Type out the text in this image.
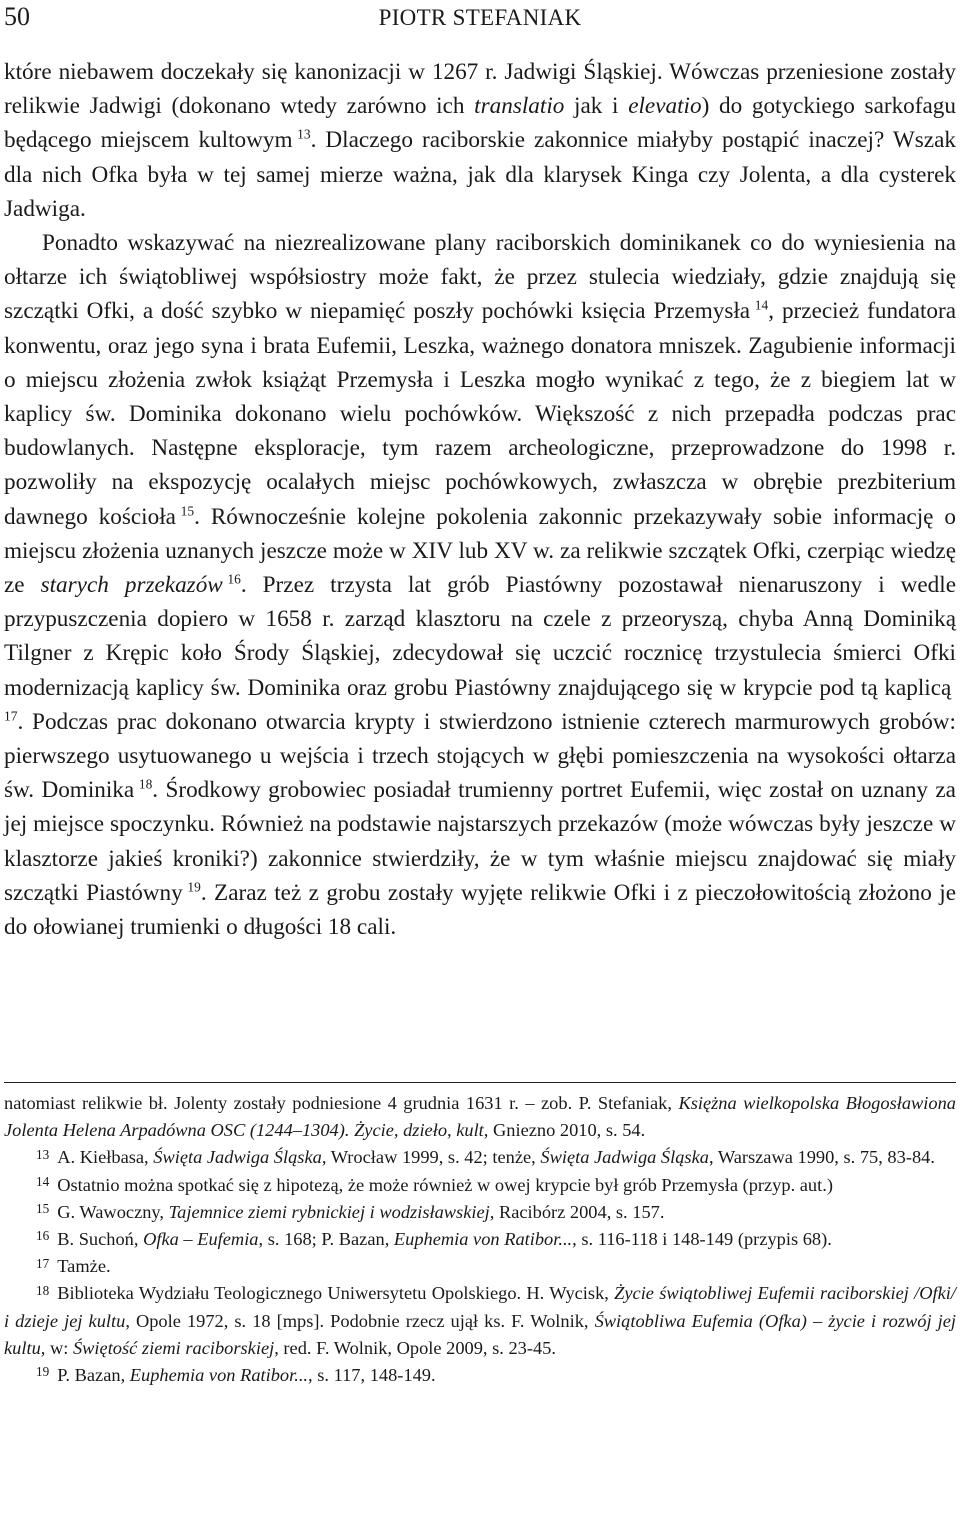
50	PIOTR STEFANIAK

które niebawem doczekały się kanonizacji w 1267 r. Jadwigi Śląskiej. Wówczas przeniesione zostały relikwie Jadwigi (dokonano wtedy zarówno ich translatio jak i elevatio) do gotyckiego sarkofagu będącego miejscem kultowym  $^{13}$. Dlaczego raciborskie zakonnice miałyby postąpić inaczej? Wszak dla nich Ofka była w tej samej mierze ważna, jak dla klarysek Kinga czy Jolenta, a dla cysterek Jadwiga.

Ponadto wskazywać na niezrealizowane plany raciborskich dominikanek co do wyniesienia na ołtarze ich świątobliwej współsiostry może fakt, że przez stulecia wiedziały, gdzie znajdują się szczątki Ofki, a dość szybko w niepamięć poszły pochówki księcia Przemysła  $^{14}$, przecież fundatora konwentu, oraz jego syna i brata Eufemii, Leszka, ważnego donatora mniszek. Zagubienie informacji o miejscu złożenia zwłok książąt Przemysła i Leszka mogło wynikać z tego, że z biegiem lat w kaplicy św. Dominika dokonano wielu pochówków. Większość z nich przepadła podczas prac budowlanych. Następne eksploracje, tym razem archeologiczne, przeprowadzone do 1998 r. pozwoliły na ekspozycję ocalałych miejsc pochówkowych, zwłaszcza w obrębie prezbiterium dawnego kościoła  $^{15}$. Równocześnie kolejne pokolenia zakonnic przekazywały sobie informację o miejscu złożenia uznanych jeszcze może w XIV lub XV w. za relikwie szczątek Ofki, czerpiąc wiedzę ze starych przekazów  $^{16}$. Przez trzysta lat grób Piastówny pozostawał nienaruszony i wedle przypuszczenia dopiero w 1658 r. zarząd klasztoru na czele z przeoryszą, chyba Anną Dominiką Tilgner z Krępic koło Środy Śląskiej, zdecydował się uczcić rocznicę trzystulecia śmierci Ofki modernizacją kaplicy św. Dominika oraz grobu Piastówny znajdującego się w krypcie pod tą kaplicą $^{17}$. Podczas prac dokonano otwarcia krypty i stwierdzono istnienie czterech marmurowych grobów: pierwszego usytuowanego u wejścia i trzech stojących w głębi pomieszczenia na wysokości ołtarza św. Dominika  $^{18}$. Środkowy grobowiec posiadał trumienny portret Eufemii, więc został on uznany za jej miejsce spoczynku. Również na podstawie najstarszych przekazów (może wówczas były jeszcze w klasztorze jakieś kroniki?) zakonnice stwierdziły, że w tym właśnie miejscu znajdować się miały szczątki Piastówny  $^{19}$. Zaraz też z grobu zostały wyjęte relikwie Ofki i z pieczołowitością złożono je do ołowianej trumienki o długości 18 cali.

natomiast relikwie bł. Jolenty zostały podniesione 4 grudnia 1631 r. – zob. P. Stefaniak, Księżna wielkopolska Błogosławiona Jolenta Helena Arpadówna OSC (1244–1304). Życie, dzieło, kult, Gniezno 2010, s. 54.

$^{13}$ A. Kiełbasa, Święta Jadwiga Śląska, Wrocław 1999, s. 42; tenże, Święta Jadwiga Śląska, Warszawa 1990, s. 75, 83-84.

$^{14}$ Ostatnio można spotkać się z hipotezą, że może również w owej krypcie był grób Przemysła (przyp. aut.)

$^{15}$ G. Wawoczny, Tajemnice ziemi rybnickiej i wodzisławskiej, Racibórz 2004, s. 157.

$^{16}$ B. Suchoń, Ofka – Eufemia, s. 168; P. Bazan, Euphemia von Ratibor..., s. 116-118 i 148-149 (przypis 68).

$^{17}$ Tamże.

$^{18}$ Biblioteka Wydziału Teologicznego Uniwersytetu Opolskiego. H. Wycisk, Życie świątobliwej Eufemii raciborskiej /Ofki/ i dzieje jej kultu, Opole 1972, s. 18 [mps]. Podobnie rzecz ujął ks. F. Wolnik, Świątobliwa Eufemia (Ofka) – życie i rozwój jej kultu, w: Świętość ziemi raciborskiej, red. F. Wolnik, Opole 2009, s. 23-45.

$^{19}$ P. Bazan, Euphemia von Ratibor..., s. 117, 148-149.
